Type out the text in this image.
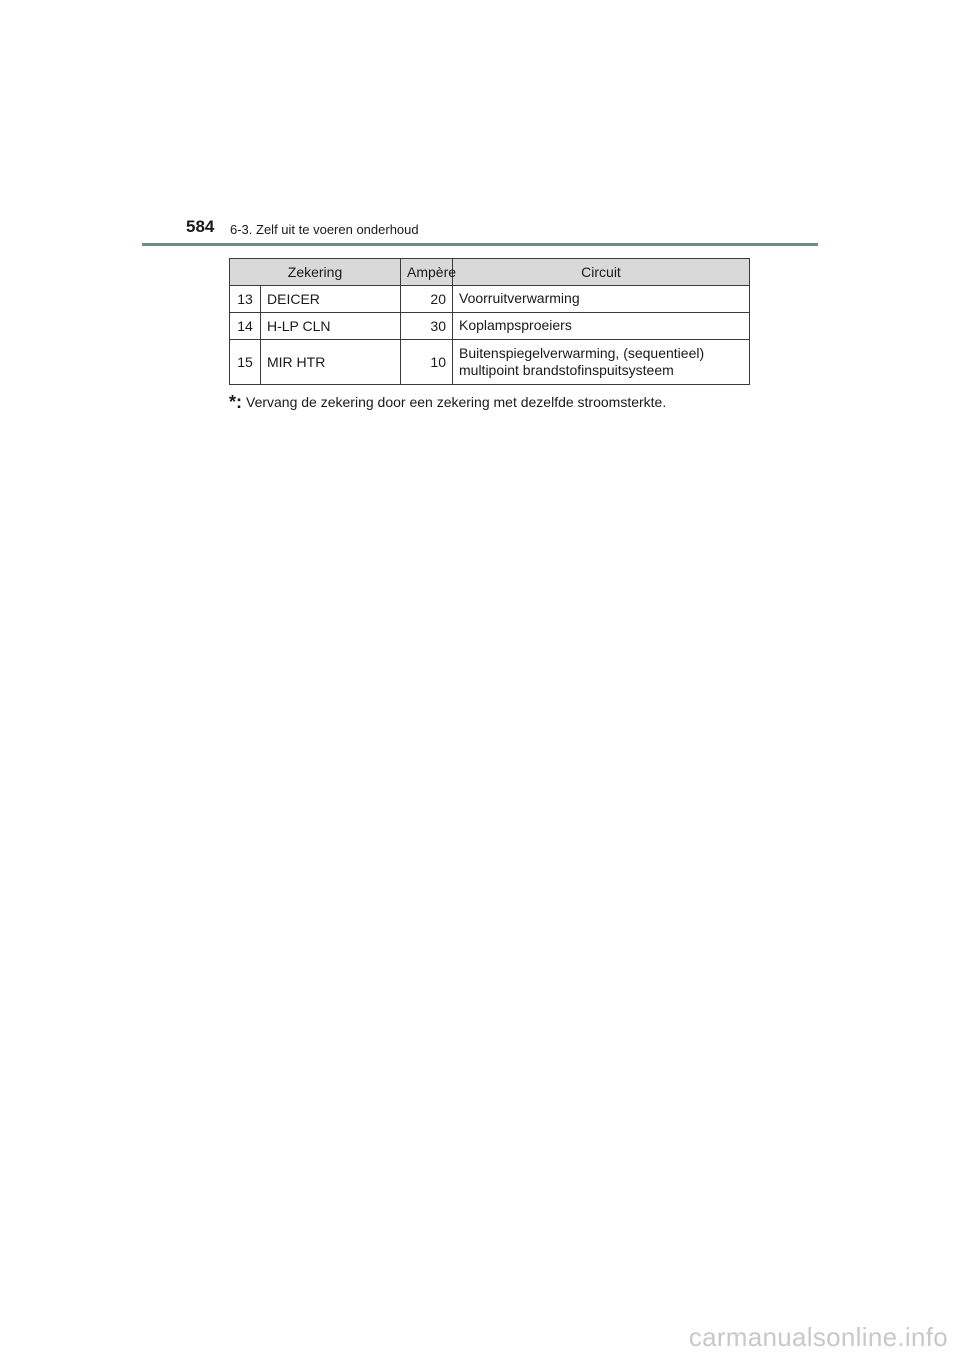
584 6-3. Zelf uit te voeren onderhoud
Zekering		Ampère	Circuit

13	DEICER	20	Voorruitverwarming
14	H-LP CLN	30	Koplampsproeiers
15	MIR HTR	10	Buitenspiegelverwarming, (sequentieel) multipoint brandstofinspuitsysteem
*: Vervang de zekering door een zekering met dezelfde stroomsterkte.
carmanualsonline.info
